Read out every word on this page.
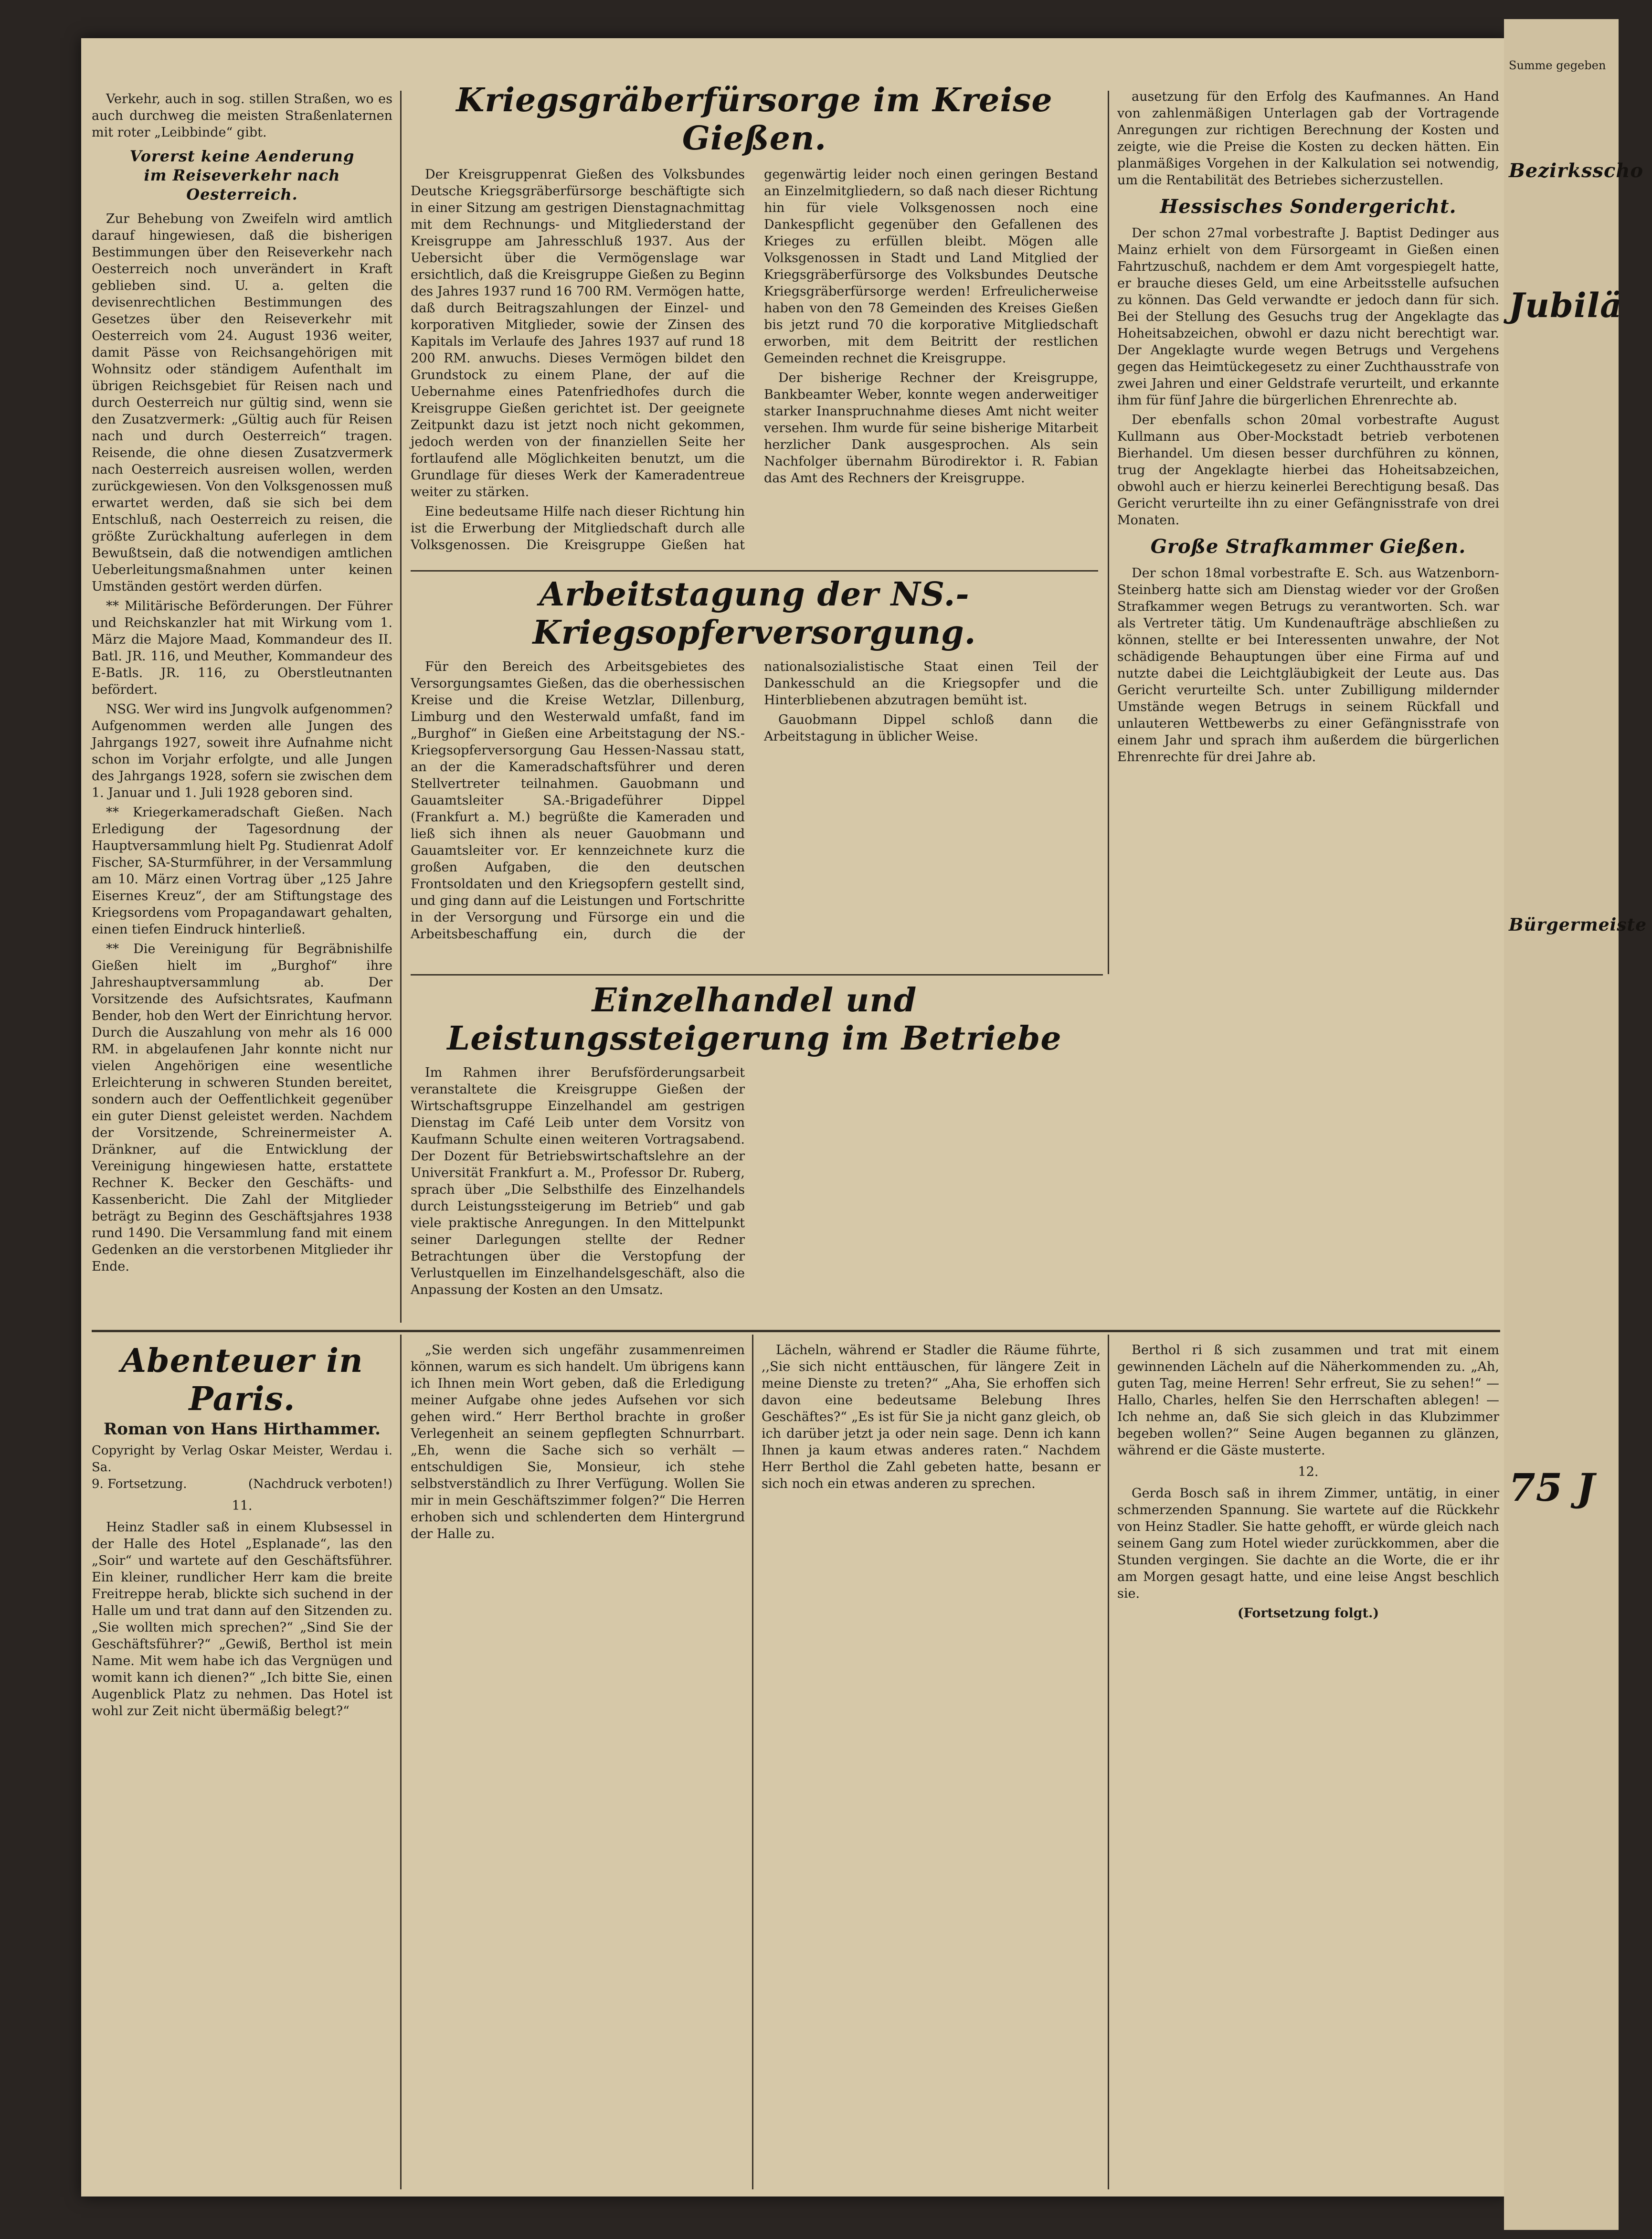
Verkehr, auch in sog. stillen Straßen, wo es auch durchweg die meisten Straßenlaternen mit roter „Leibbinde“ gibt.

Vorerst keine Aenderung
im Reiseverkehr nach Oesterreich.

Zur Behebung von Zweifeln wird amtlich darauf hingewiesen, daß die bisherigen Bestimmungen über den Reiseverkehr nach Oesterreich noch unverändert in Kraft geblieben sind. U. a. gelten die devisenrechtlichen Bestimmungen des Gesetzes über den Reiseverkehr mit Oesterreich vom 24. August 1936 weiter, damit Pässe von Reichsangehörigen mit Wohnsitz oder ständigem Aufenthalt im übrigen Reichsgebiet für Reisen nach und durch Oesterreich nur gültig sind, wenn sie den Zusatzvermerk: „Gültig auch für Reisen nach und durch Oesterreich“ tragen. Reisende, die ohne diesen Zusatzvermerk nach Oesterreich ausreisen wollen, werden zurückgewiesen. Von den Volksgenossen muß erwartet werden, daß sie sich bei dem Entschluß, nach Oesterreich zu reisen, die größte Zurückhaltung auferlegen in dem Bewußtsein, daß die notwendigen amtlichen Ueberleitungsmaßnahmen unter keinen Umständen gestört werden dürfen.

** Militärische Beförderungen. Der Führer und Reichskanzler hat mit Wirkung vom 1. März die Majore Maad, Kommandeur des II. Batl. JR. 116, und Meuther, Kommandeur des E-Batls. JR. 116, zu Oberstleutnanten befördert.

NSG. Wer wird ins Jungvolk aufgenommen? Aufgenommen werden alle Jungen des Jahrgangs 1927, soweit ihre Aufnahme nicht schon im Vorjahr erfolgte, und alle Jungen des Jahrgangs 1928, sofern sie zwischen dem 1. Januar und 1. Juli 1928 geboren sind.

** Kriegerkameradschaft Gießen. Nach Erledigung der Tagesordnung der Hauptversammlung hielt Pg. Studienrat Adolf Fischer, SA-Sturmführer, in der Versammlung am 10. März einen Vortrag über „125 Jahre Eisernes Kreuz“, der am Stiftungstage des Kriegsordens vom Propagandawart gehalten, einen tiefen Eindruck hinterließ.

** Die Vereinigung für Begräbnishilfe Gießen hielt im „Burghof“ ihre Jahreshauptversammlung ab. Der Vorsitzende des Aufsichtsrates, Kaufmann Bender, hob den Wert der Einrichtung hervor. Durch die Auszahlung von mehr als 16 000 RM. in abgelaufenen Jahr konnte nicht nur vielen Angehörigen eine wesentliche Erleichterung in schweren Stunden bereitet, sondern auch der Oeffentlichkeit gegenüber ein guter Dienst geleistet werden. Nachdem der Vorsitzende, Schreinermeister A. Dränkner, auf die Entwicklung der Vereinigung hingewiesen hatte, erstattete Rechner K. Becker den Geschäfts- und Kassenbericht. Die Zahl der Mitglieder beträgt zu Beginn des Geschäftsjahres 1938 rund 1490. Die Versammlung fand mit einem Gedenken an die verstorbenen Mitglieder ihr Ende.

Kriegsgräberfürsorge im Kreise Gießen.

Der Kreisgruppenrat Gießen des Volksbundes Deutsche Kriegsgräberfürsorge beschäftigte sich in einer Sitzung am gestrigen Dienstagnachmittag mit dem Rechnungs- und Mitgliederstand der Kreisgruppe am Jahresschluß 1937. Aus der Uebersicht über die Vermögenslage war ersichtlich, daß die Kreisgruppe Gießen zu Beginn des Jahres 1937 rund 16 700 RM. Vermögen hatte, daß durch Beitragszahlungen der Einzel- und korporativen Mitglieder, sowie der Zinsen des Kapitals im Verlaufe des Jahres 1937 auf rund 18 200 RM. anwuchs. Dieses Vermögen bildet den Grundstock zu einem Plane, der auf die Uebernahme eines Patenfriedhofes durch die Kreisgruppe Gießen gerichtet ist. Der geeignete Zeitpunkt dazu ist jetzt noch nicht gekommen, jedoch werden von der finanziellen Seite her fortlaufend alle Möglichkeiten benutzt, um die Grundlage für dieses Werk der Kameradentreue weiter zu stärken.

Eine bedeutsame Hilfe nach dieser Richtung hin ist die Erwerbung der Mitgliedschaft durch alle Volksgenossen. Die Kreisgruppe Gießen hat gegenwärtig leider noch einen geringen Bestand an Einzelmitgliedern, so daß nach dieser Richtung hin für viele Volksgenossen noch eine Dankespflicht gegenüber den Gefallenen des Krieges zu erfüllen bleibt. Mögen alle Volksgenossen in Stadt und Land Mitglied der Kriegsgräberfürsorge des Volksbundes Deutsche Kriegsgräberfürsorge werden! Erfreulicherweise haben von den 78 Gemeinden des Kreises Gießen bis jetzt rund 70 die korporative Mitgliedschaft erworben, mit dem Beitritt der restlichen Gemeinden rechnet die Kreisgruppe.

Der bisherige Rechner der Kreisgruppe, Bankbeamter Weber, konnte wegen anderweitiger starker Inanspruchnahme dieses Amt nicht weiter versehen. Ihm wurde für seine bisherige Mitarbeit herzlicher Dank ausgesprochen. Als sein Nachfolger übernahm Bürodirektor i. R. Fabian das Amt des Rechners der Kreisgruppe.

Arbeitstagung der NS.-Kriegsopferversorgung.

Für den Bereich des Arbeitsgebietes des Versorgungsamtes Gießen, das die oberhessischen Kreise und die Kreise Wetzlar, Dillenburg, Limburg und den Westerwald umfaßt, fand im „Burghof“ in Gießen eine Arbeitstagung der NS.-Kriegsopferversorgung Gau Hessen-Nassau statt, an der die Kameradschaftsführer und deren Stellvertreter teilnahmen. Gauobmann und Gauamtsleiter SA.-Brigadeführer Dippel (Frankfurt a. M.) begrüßte die Kameraden und ließ sich ihnen als neuer Gauobmann und Gauamtsleiter vor. Er kennzeichnete kurz die großen Aufgaben, die den deutschen Frontsoldaten und den Kriegsopfern gestellt sind, und ging dann auf die Leistungen und Fortschritte in der Versorgung und Fürsorge ein und die Arbeitsbeschaffung ein, durch die der nationalsozialistische Staat einen Teil der Dankesschuld an die Kriegsopfer und die Hinterbliebenen abzutragen bemüht ist.

Gauobmann Dippel schloß dann die Arbeitstagung in üblicher Weise.

Einzelhandel und Leistungssteigerung im Betriebe

Im Rahmen ihrer Berufsförderungsarbeit veranstaltete die Kreisgruppe Gießen der Wirtschaftsgruppe Einzelhandel am gestrigen Dienstag im Café Leib unter dem Vorsitz von Kaufmann Schulte einen weiteren Vortragsabend. Der Dozent für Betriebswirtschaftslehre an der Universität Frankfurt a. M., Professor Dr. Ruberg, sprach über „Die Selbsthilfe des Einzelhandels durch Leistungssteigerung im Betrieb“ und gab viele praktische Anregungen. In den Mittelpunkt seiner Darlegungen stellte der Redner Betrachtungen über die Verstopfung der Verlustquellen im Einzelhandelsgeschäft, also die Anpassung der Kosten an den Umsatz.

ausetzung für den Erfolg des Kaufmannes. An Hand von zahlenmäßigen Unterlagen gab der Vortragende Anregungen zur richtigen Berechnung der Kosten und zeigte, wie die Preise die Kosten zu decken hätten. Ein planmäßiges Vorgehen in der Kalkulation sei notwendig, um die Rentabilität des Betriebes sicherzustellen.

Hessisches Sondergericht.

Der schon 27mal vorbestrafte J. Baptist Dedinger aus Mainz erhielt von dem Fürsorgeamt in Gießen einen Fahrtzuschuß, nachdem er dem Amt vorgespiegelt hatte, er brauche dieses Geld, um eine Arbeitsstelle aufsuchen zu können. Das Geld verwandte er jedoch dann für sich. Bei der Stellung des Gesuchs trug der Angeklagte das Hoheitsabzeichen, obwohl er dazu nicht berechtigt war. Der Angeklagte wurde wegen Betrugs und Vergehens gegen das Heimtückegesetz zu einer Zuchthausstrafe von zwei Jahren und einer Geldstrafe verurteilt, und erkannte ihm für fünf Jahre die bürgerlichen Ehrenrechte ab.

Der ebenfalls schon 20mal vorbestrafte August Kullmann aus Ober-Mockstadt betrieb verbotenen Bierhandel. Um diesen besser durchführen zu können, trug der Angeklagte hierbei das Hoheitsabzeichen, obwohl auch er hierzu keinerlei Berechtigung besaß. Das Gericht verurteilte ihn zu einer Gefängnisstrafe von drei Monaten.

Große Strafkammer Gießen.

Der schon 18mal vorbestrafte E. Sch. aus Watzenborn-Steinberg hatte sich am Dienstag wieder vor der Großen Strafkammer wegen Betrugs zu verantworten. Sch. war als Vertreter tätig. Um Kundenaufträge abschließen zu können, stellte er bei Interessenten unwahre, der Not schädigende Behauptungen über eine Firma auf und nutzte dabei die Leichtgläubigkeit der Leute aus. Das Gericht verurteilte Sch. unter Zubilligung mildernder Umstände wegen Betrugs in seinem Rückfall und unlauteren Wettbewerbs zu einer Gefängnisstrafe von einem Jahr und sprach ihm außerdem die bürgerlichen Ehrenrechte für drei Jahre ab.

Abenteuer in Paris.
Roman von Hans Hirthammer.
Copyright by Verlag Oskar Meister, Werdau i. Sa.
9. Fortsetzung.	(Nachdruck verboten!)
11.

Heinz Stadler saß in einem Klubsessel in der Halle des Hotel „Esplanade“, las den „Soir“ und wartete auf den Geschäftsführer. Ein kleiner, rundlicher Herr kam die breite Freitreppe herab, blickte sich suchend in der Halle um und trat dann auf den Sitzenden zu. „Sie wollten mich sprechen?“ „Sind Sie der Geschäftsführer?“ „Gewiß, Berthol ist mein Name. Mit wem habe ich das Vergnügen und womit kann ich dienen?“ „Ich bitte Sie, einen Augenblick Platz zu nehmen. Das Hotel ist wohl zur Zeit nicht übermäßig belegt?“

„Sie werden sich ungefähr zusammenreimen können, warum es sich handelt. Um übrigens kann ich Ihnen mein Wort geben, daß die Erledigung meiner Aufgabe ohne jedes Aufsehen vor sich gehen wird.“ Herr Berthol brachte in großer Verlegenheit an seinem gepflegten Schnurrbart. „Eh, wenn die Sache sich so verhält — entschuldigen Sie, Monsieur, ich stehe selbstverständlich zu Ihrer Verfügung. Wollen Sie mir in mein Geschäftszimmer folgen?“ Die Herren erhoben sich und schlenderten dem Hintergrund der Halle zu.

Lächeln, während er Stadler die Räume führte, ,,Sie sich nicht enttäuschen, für längere Zeit in meine Dienste zu treten?“ „Aha, Sie erhoffen sich davon eine bedeutsame Belebung Ihres Geschäftes?“ „Es ist für Sie ja nicht ganz gleich, ob ich darüber jetzt ja oder nein sage. Denn ich kann Ihnen ja kaum etwas anderes raten.“ Nachdem Herr Berthol die Zahl gebeten hatte, besann er sich noch ein etwas anderen zu sprechen.

Berthol ri ß sich zusammen und trat mit einem gewinnenden Lächeln auf die Näherkommenden zu. „Ah, guten Tag, meine Herren! Sehr erfreut, Sie zu sehen!“ — Hallo, Charles, helfen Sie den Herrschaften ablegen! — Ich nehme an, daß Sie sich gleich in das Klubzimmer begeben wollen?“ Seine Augen begannen zu glänzen, während er die Gäste musterte.

12.

Gerda Bosch saß in ihrem Zimmer, untätig, in einer schmerzenden Spannung. Sie wartete auf die Rückkehr von Heinz Stadler. Sie hatte gehofft, er würde gleich nach seinem Gang zum Hotel wieder zurückkommen, aber die Stunden vergingen. Sie dachte an die Worte, die er ihr am Morgen gesagt hatte, und eine leise Angst beschlich sie.

(Fortsetzung folgt.)
Summe gegeben
Bezirksscho
Jubilä
Bürgermeiste
75 J
